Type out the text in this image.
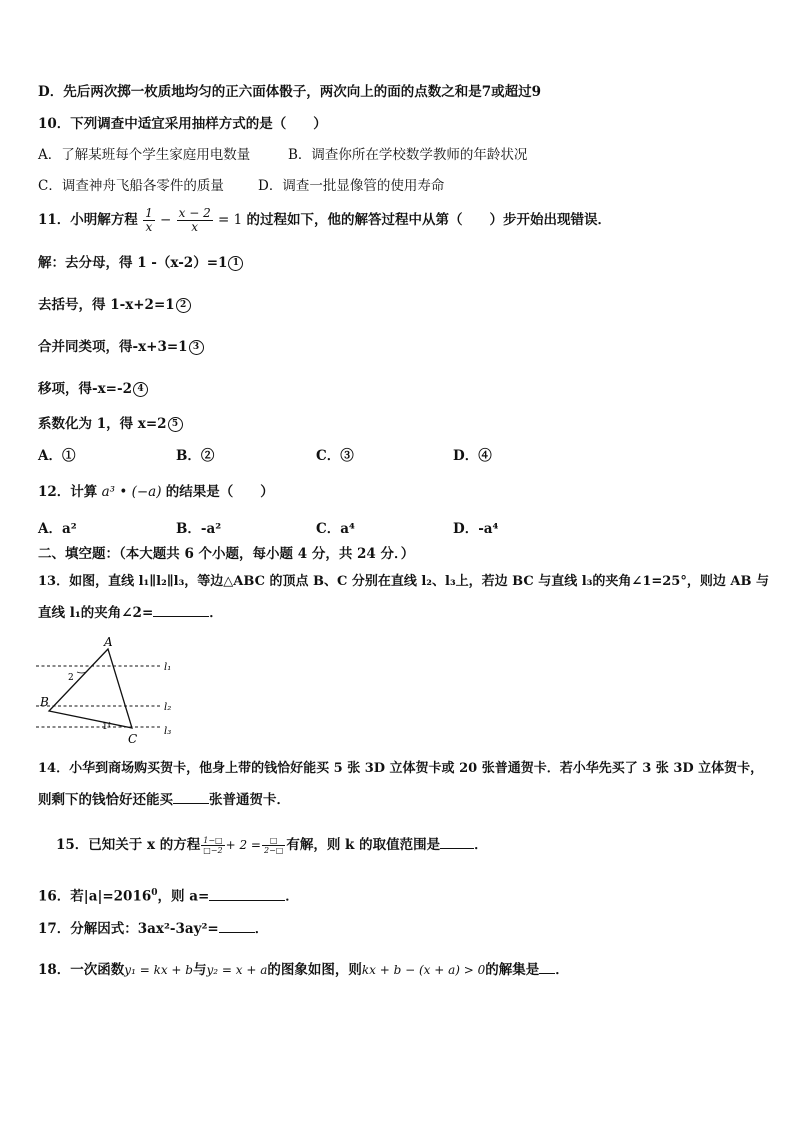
D．先后两次掷一枚质地均匀的正六面体骰子，两次向上的面的点数之和是7或超过9
10．下列调查中适宜采用抽样方式的是（　　）
A．了解某班每个学生家庭用电数量	B．调查你所在学校数学教师的年龄状况
C．调查神舟飞船各零件的质量	D．调查一批显像管的使用寿命
11．小明解方程 $\frac{1}{x} - \frac{x - 2}{x} = 1$ 的过程如下，他的解答过程中从第（　　）步开始出现错误．
解：去分母，得 1 -（x-2）=1 1
去括号，得 1-x+2=1 2
合并同类项，得-x+3=1 3
移项，得-x=-2 4
系数化为 1，得 x=2 5
A．①	B．②	C．③	D．④
12．计算 a³ • (−a) 的结果是（　　）
A．a²	B．-a²	C．a⁴	D．-a⁴
二、填空题：（本大题共 6 个小题，每小题 4 分，共 24 分．）
13．如图，直线 l₁∥l₂∥l₃，等边△ABC 的顶点 B、C 分别在直线 l₂、l₃上，若边 BC 与直线 l₃的夹角∠1=25°，则边 AB 与
直线 l₁的夹角∠2=	．
A
B
C
2
1
l₁
l₂
l₃
14．小华到商场购买贺卡，他身上带的钱恰好能买 5 张 3D 立体贺卡或 20 张普通贺卡．若小华先买了 3 张 3D 立体贺卡，
则剩下的钱恰好还能买	张普通贺卡．
15．已知关于 x 的方程 $\frac{1-□}{□-2} + 2 = \frac{□}{2-□}$ 有解，则 k 的取值范围是	．
16．若$|a|=2016^0$，则 a=	．
17．分解因式：3ax²-3ay²=	．
18．一次函数y₁ = kx + b与y₂ = x + a的图象如图，则kx + b − (x + a) > 0的解集是 ．
